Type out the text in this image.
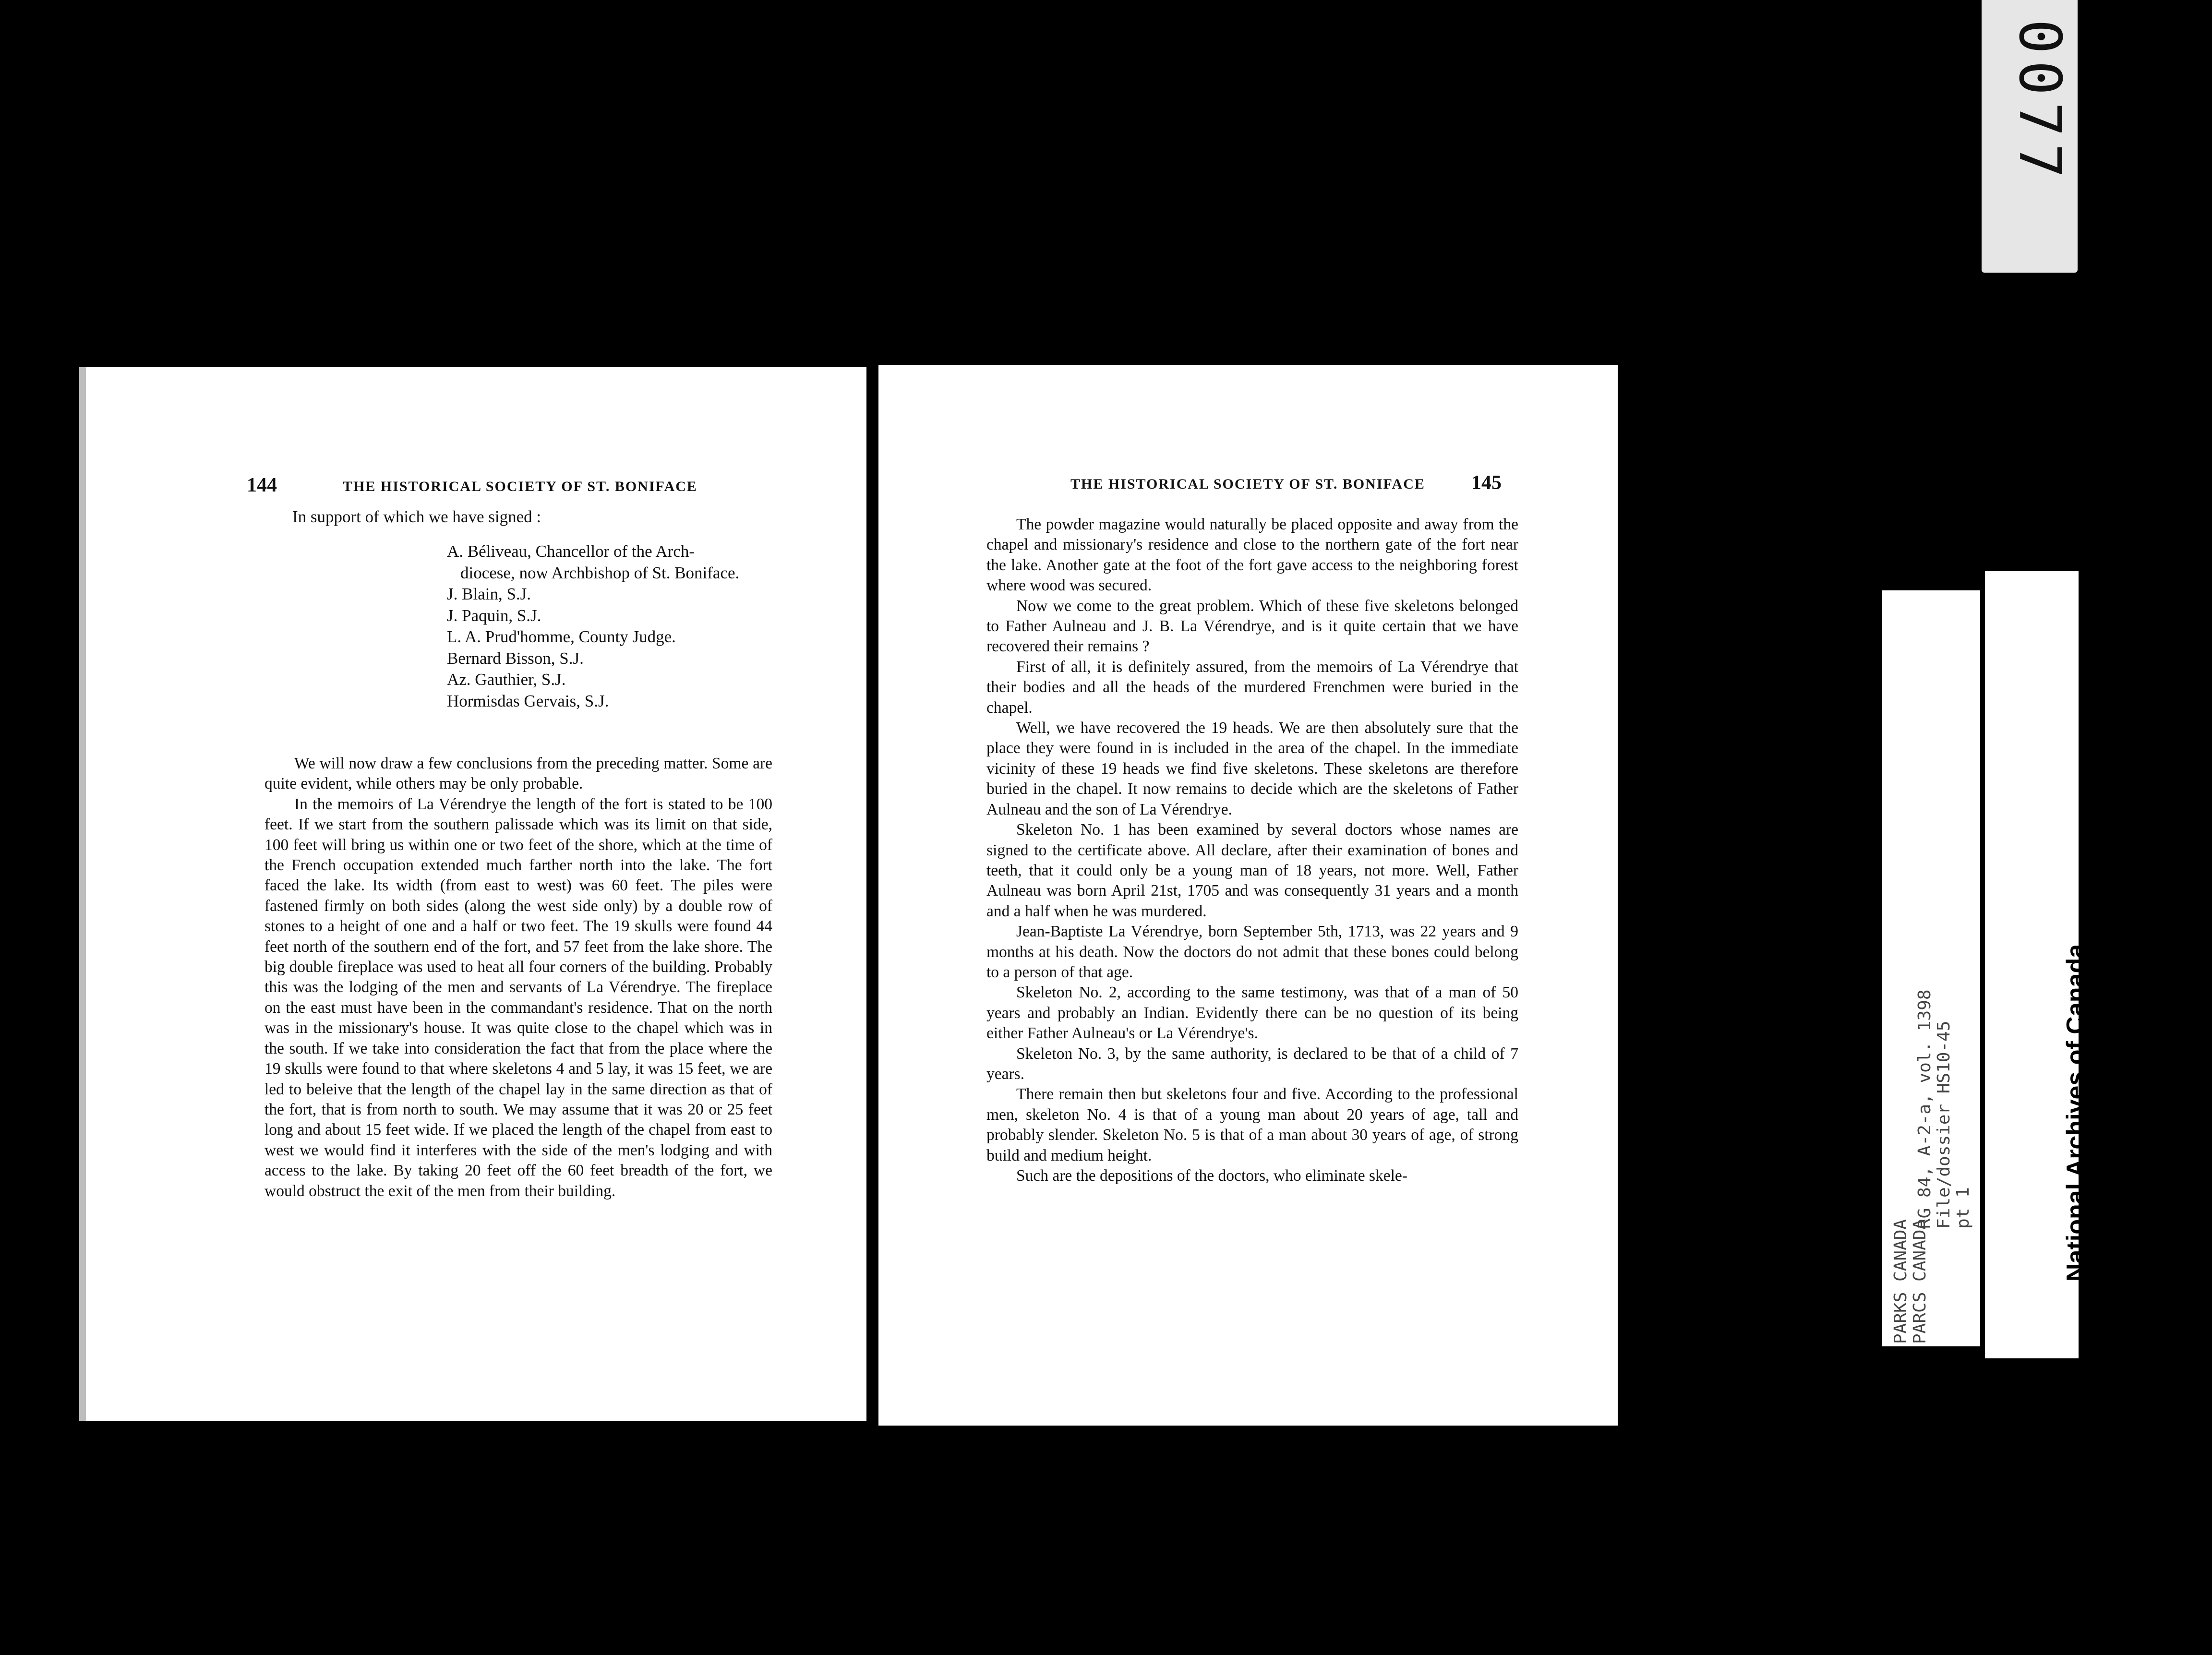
0077
144	THE HISTORICAL SOCIETY OF ST. BONIFACE
In support of which we have signed :
A. Béliveau, Chancellor of the Arch-
diocese, now Archbishop of St. Boniface.
J. Blain, S.J.
J. Paquin, S.J.
L. A. Prud'homme, County Judge.
Bernard Bisson, S.J.
Az. Gauthier, S.J.
Hormisdas Gervais, S.J.

We will now draw a few conclusions from the preceding matter. Some are quite evident, while others may be only probable.

In the memoirs of La Vérendrye the length of the fort is stated to be 100 feet. If we start from the southern palissade which was its limit on that side, 100 feet will bring us within one or two feet of the shore, which at the time of the French occupation extended much farther north into the lake. The fort faced the lake. Its width (from east to west) was 60 feet. The piles were fastened firmly on both sides (along the west side only) by a double row of stones to a height of one and a half or two feet. The 19 skulls were found 44 feet north of the southern end of the fort, and 57 feet from the lake shore. The big double fireplace was used to heat all four corners of the building. Probably this was the lodging of the men and servants of La Vérendrye. The fireplace on the east must have been in the commandant's residence. That on the north was in the missionary's house. It was quite close to the chapel which was in the south. If we take into consideration the fact that from the place where the 19 skulls were found to that where skeletons 4 and 5 lay, it was 15 feet, we are led to beleive that the length of the chapel lay in the same direction as that of the fort, that is from north to south. We may assume that it was 20 or 25 feet long and about 15 feet wide. If we placed the length of the chapel from east to west we would find it interferes with the side of the men's lodging and with access to the lake. By taking 20 feet off the 60 feet breadth of the fort, we would obstruct the exit of the men from their building.

THE HISTORICAL SOCIETY OF ST. BONIFACE 145

The powder magazine would naturally be placed opposite and away from the chapel and missionary's residence and close to the northern gate of the fort near the lake. Another gate at the foot of the fort gave access to the neighboring forest where wood was secured.

Now we come to the great problem. Which of these five skeletons belonged to Father Aulneau and J. B. La Vérendrye, and is it quite certain that we have recovered their remains ?

First of all, it is definitely assured, from the memoirs of La Vérendrye that their bodies and all the heads of the murdered Frenchmen were buried in the chapel.

Well, we have recovered the 19 heads. We are then absolutely sure that the place they were found in is included in the area of the chapel. In the immediate vicinity of these 19 heads we find five skeletons. These skeletons are therefore buried in the chapel. It now remains to decide which are the skeletons of Father Aulneau and the son of La Vérendrye.

Skeleton No. 1 has been examined by several doctors whose names are signed to the certificate above. All declare, after their examination of bones and teeth, that it could only be a young man of 18 years, not more. Well, Father Aulneau was born April 21st, 1705 and was consequently 31 years and a month and a half when he was murdered.

Jean-Baptiste La Vérendrye, born September 5th, 1713, was 22 years and 9 months at his death. Now the doctors do not admit that these bones could belong to a person of that age.

Skeleton No. 2, according to the same testimony, was that of a man of 50 years and probably an Indian. Evidently there can be no question of its being either Father Aulneau's or La Vérendrye's.

Skeleton No. 3, by the same authority, is declared to be that of a child of 7 years.

There remain then but skeletons four and five. According to the professional men, skeleton No. 4 is that of a young man about 20 years of age, tall and probably slender. Skeleton No. 5 is that of a man about 30 years of age, of strong build and medium height.

Such are the depositions of the doctors, who eliminate skele-	RG 84, A-2-a, vol. 1398 File/dossier HS10-45 pt 1
PARKS CANADA PARCS CANADA	National Archives of Canada Archives nationales du Canada
